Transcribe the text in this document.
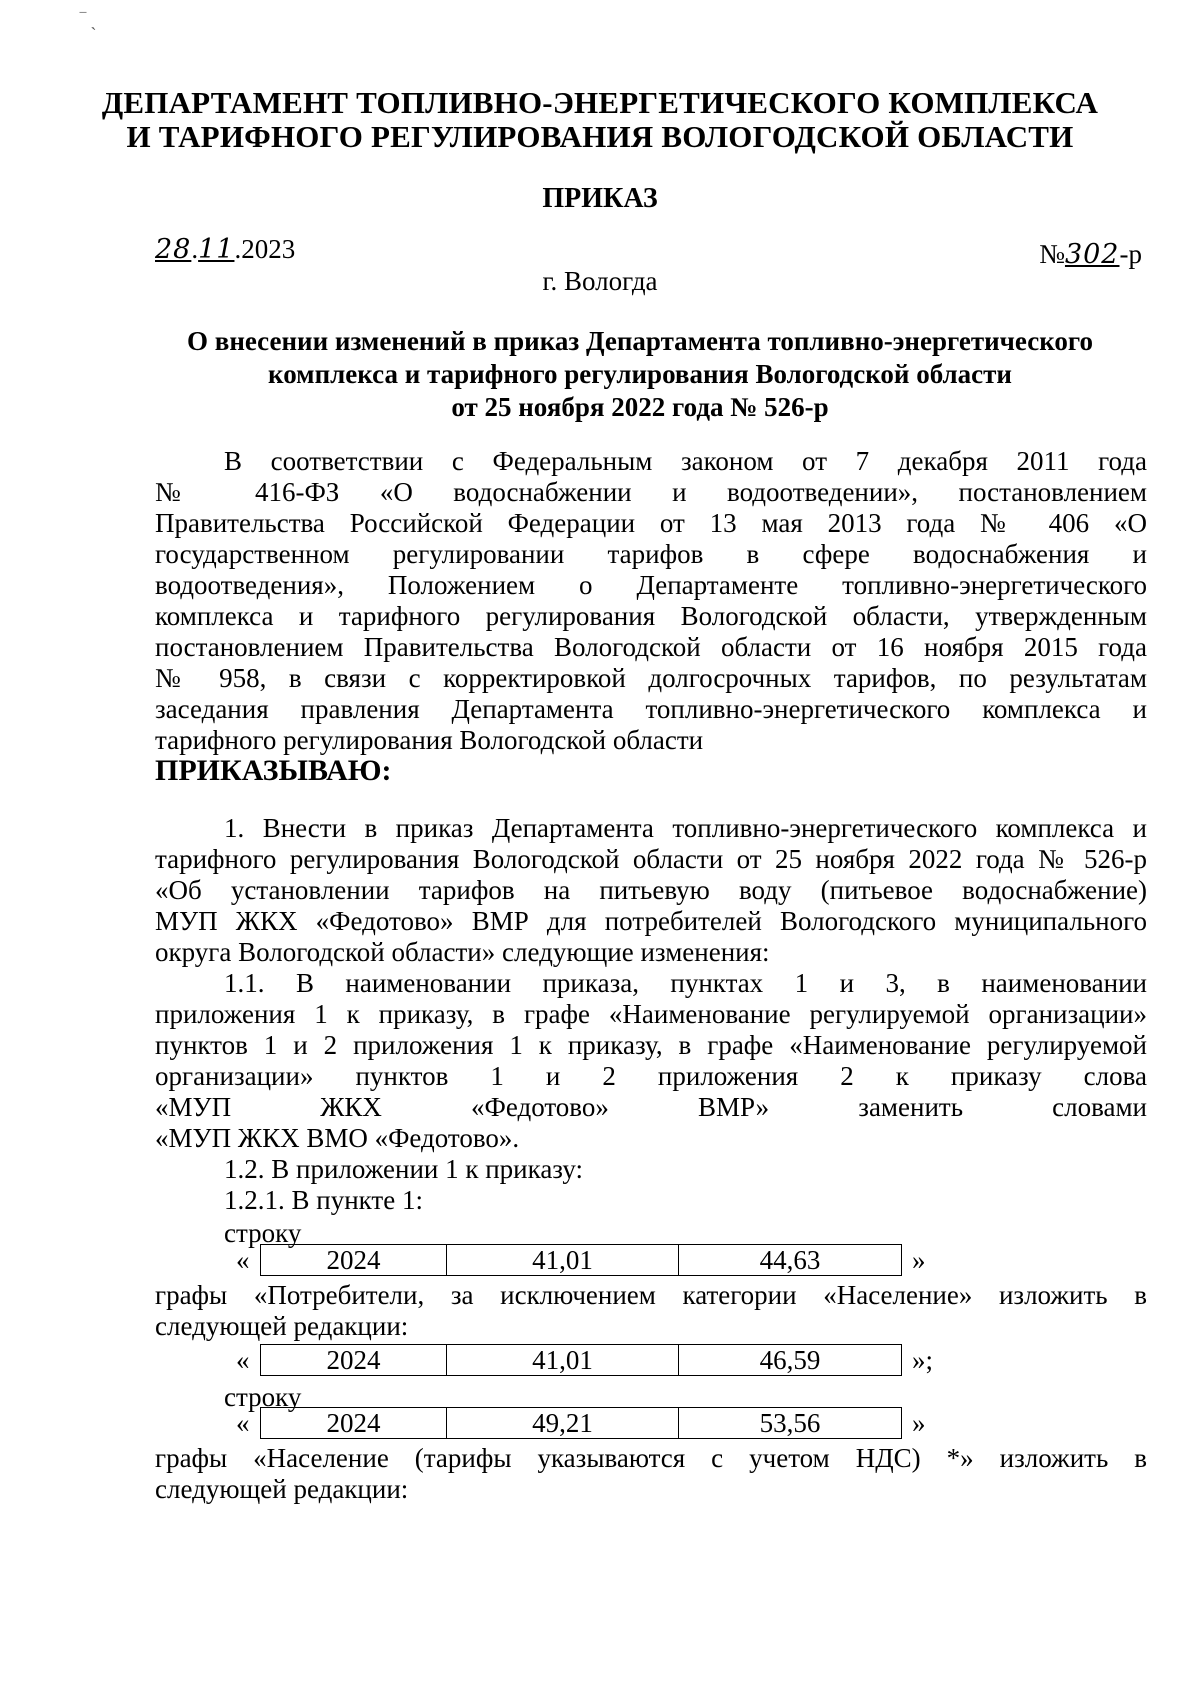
‾ ˏ
ДЕПАРТАМЕНТ ТОПЛИВНО-ЭНЕРГЕТИЧЕСКОГО КОМПЛЕКСА
И ТАРИФНОГО РЕГУЛИРОВАНИЯ ВОЛОГОДСКОЙ ОБЛАСТИ
ПРИКАЗ
28.11.2023	№302-р
г. Вологда
О внесении изменений в приказ Департамента топливно-энергетического
комплекса и тарифного регулирования Вологодской области
от 25 ноября 2022 года № 526-р
В соответствии с Федеральным законом от 7 декабря 2011 года
№ 416-ФЗ «О водоснабжении и водоотведении», постановлением
Правительства Российской Федерации от 13 мая 2013 года № 406 «О
государственном регулировании тарифов в сфере водоснабжения и
водоотведения», Положением о Департаменте топливно-энергетического
комплекса и тарифного регулирования Вологодской области, утвержденным
постановлением Правительства Вологодской области от 16 ноября 2015 года
№ 958, в связи с корректировкой долгосрочных тарифов, по результатам
заседания правления Департамента топливно-энергетического комплекса и
тарифного регулирования Вологодской области
ПРИКАЗЫВАЮ:
1. Внести в приказ Департамента топливно-энергетического комплекса и
тарифного регулирования Вологодской области от 25 ноября 2022 года № 526-р
«Об установлении тарифов на питьевую воду (питьевое водоснабжение)
МУП ЖКХ «Федотово» ВМР для потребителей Вологодского муниципального
округа Вологодской области» следующие изменения:
1.1. В наименовании приказа, пунктах 1 и 3, в наименовании
приложения 1 к приказу, в графе «Наименование регулируемой организации»
пунктов 1 и 2 приложения 1 к приказу, в графе «Наименование регулируемой
организации» пунктов 1 и 2 приложения 2 к приказу слова
«МУП ЖКХ «Федотово» ВМР» заменить словами
«МУП ЖКХ ВМО «Федотово».
1.2. В приложении 1 к приказу:
1.2.1. В пункте 1:
строку
«	2024	41,01	44,63	»
графы «Потребители, за исключением категории «Население» изложить в
следующей редакции:
«	2024	41,01	46,59	»;
строку
«	2024	49,21	53,56	»
графы «Население (тарифы указываются с учетом НДС) *» изложить в
следующей редакции:
